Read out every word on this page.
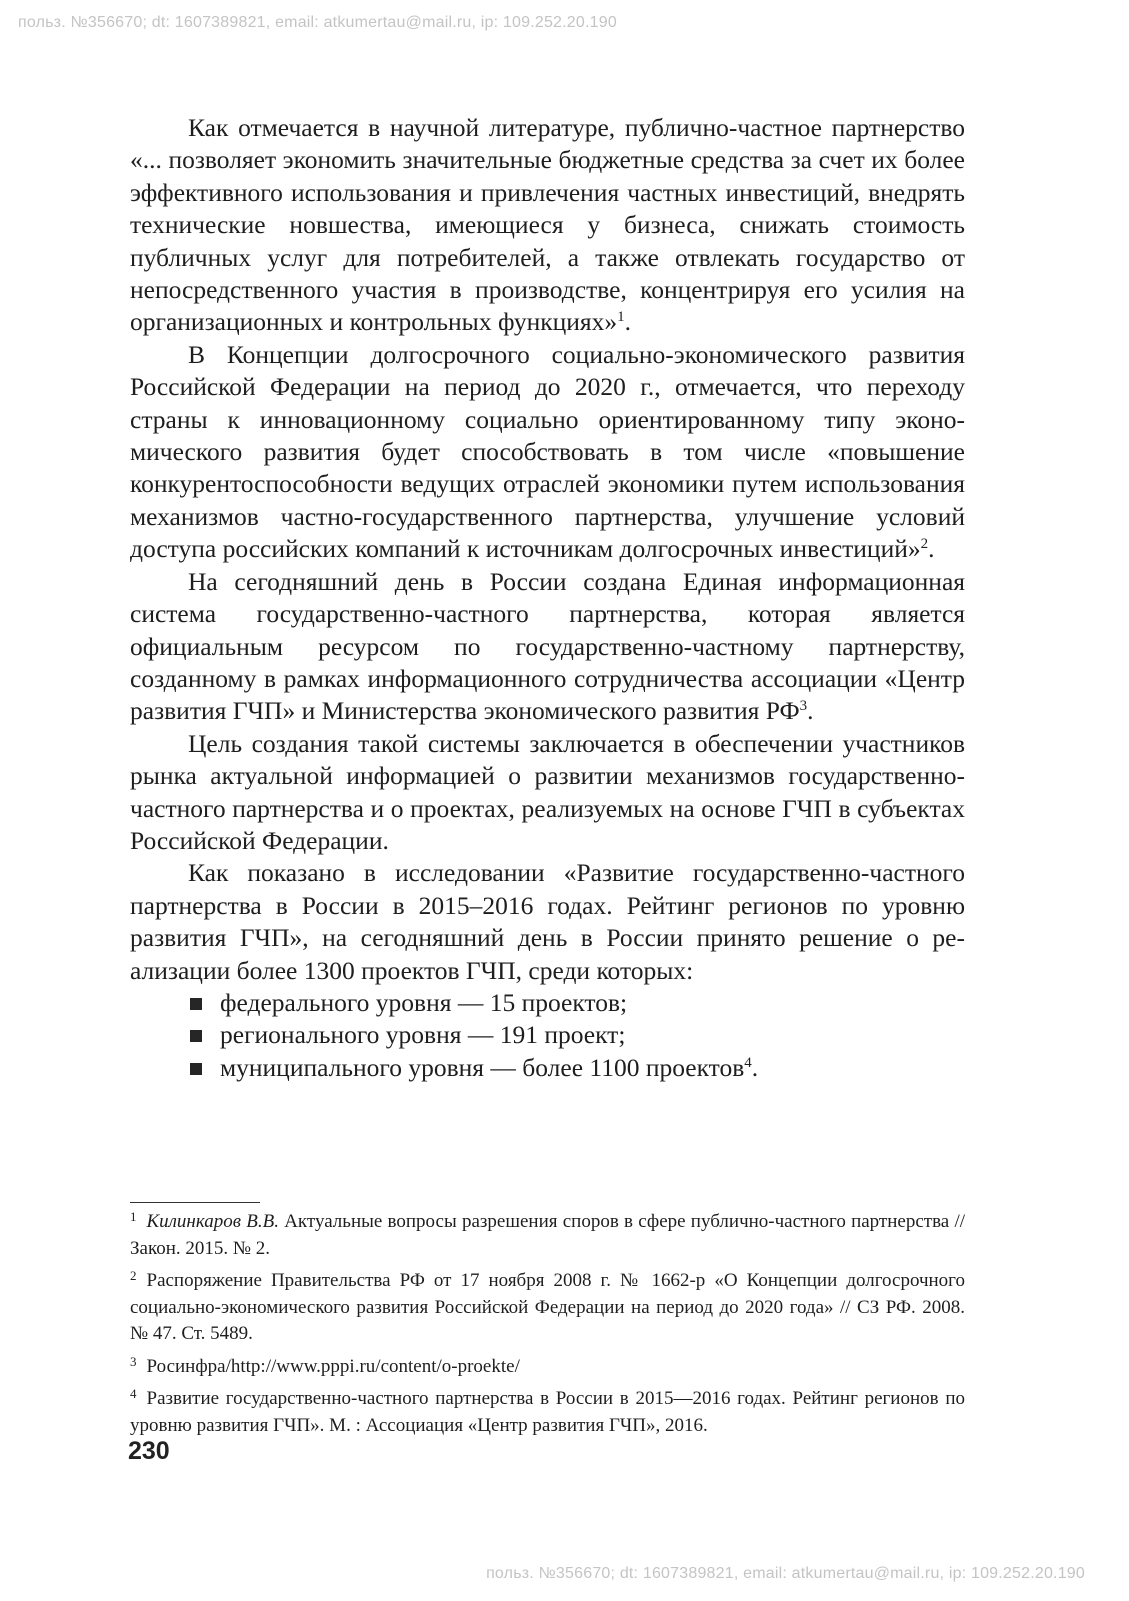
польз. №356670; dt: 1607389821, email: atkumertau@mail.ru, ip: 109.252.20.190

Как отмечается в научной литературе, публично-частное партнерство «... позволяет экономить значительные бюджетные средства за счет их более эффективного использования и привлечения частных инвестиций, внедрять технические новшества, имеющиеся у бизнеса, снижать стоимость публичных услуг для потребителей, а также отвлекать государство от непосредственного участия в производстве, концентрируя его усилия на организационных и контрольных функциях»$^1$.

В Концепции долгосрочного социально-экономического развития Российской Федерации на период до 2020 г., отмечается, что переходу страны к инновационному социально ориентированному типу экономического развития будет способствовать в том числе «повышение конкурентоспособности ведущих отраслей экономики путем использования механизмов частно-государственного партнерства, улучшение условий доступа российских компаний к источникам долгосрочных инвестиций»$^2$.

На сегодняшний день в России создана Единая информационная система государственно-частного партнерства, которая является официальным ресурсом по государственно-частному партнерству, созданному в рамках информационного сотрудничества ассоциации «Центр развития ГЧП» и Министерства экономического развития $РФ^3$.

Цель создания такой системы заключается в обеспечении участников рынка актуальной информацией о развитии механизмов государственно-частного партнерства и о проектах, реализуемых на основе ГЧП в субъектах Российской Федерации.

Как показано в исследовании «Развитие государственно-частного партнерства в России в 2015–2016 годах. Рейтинг регионов по уровню развития ГЧП», на сегодняшний день в России принято решение о реализации более 1300 проектов ГЧП, среди которых:

федерального уровня — 15 проектов;
регионального уровня — 191 проект;
муниципального уровня — более 1100 проектов$^4$.

$^1$ Килинкаров В.В. Актуальные вопросы разрешения споров в сфере публично-частного партнерства // Закон. 2015. № 2.

$^2$ Распоряжение Правительства РФ от 17 ноября 2008 г. № 1662-р «О Концепции долгосрочного социально-экономического развития Российской Федерации на период до 2020 года» // СЗ РФ. 2008. № 47. Ст. 5489.

$^3$ Росинфра/http://www.pppi.ru/content/o-proekte/

$^4$ Развитие государственно-частного партнерства в России в 2015—2016 годах. Рейтинг регионов по уровню развития ГЧП». М. : Ассоциация «Центр развития ГЧП», 2016.

230
польз. №356670; dt: 1607389821, email: atkumertau@mail.ru, ip: 109.252.20.190
